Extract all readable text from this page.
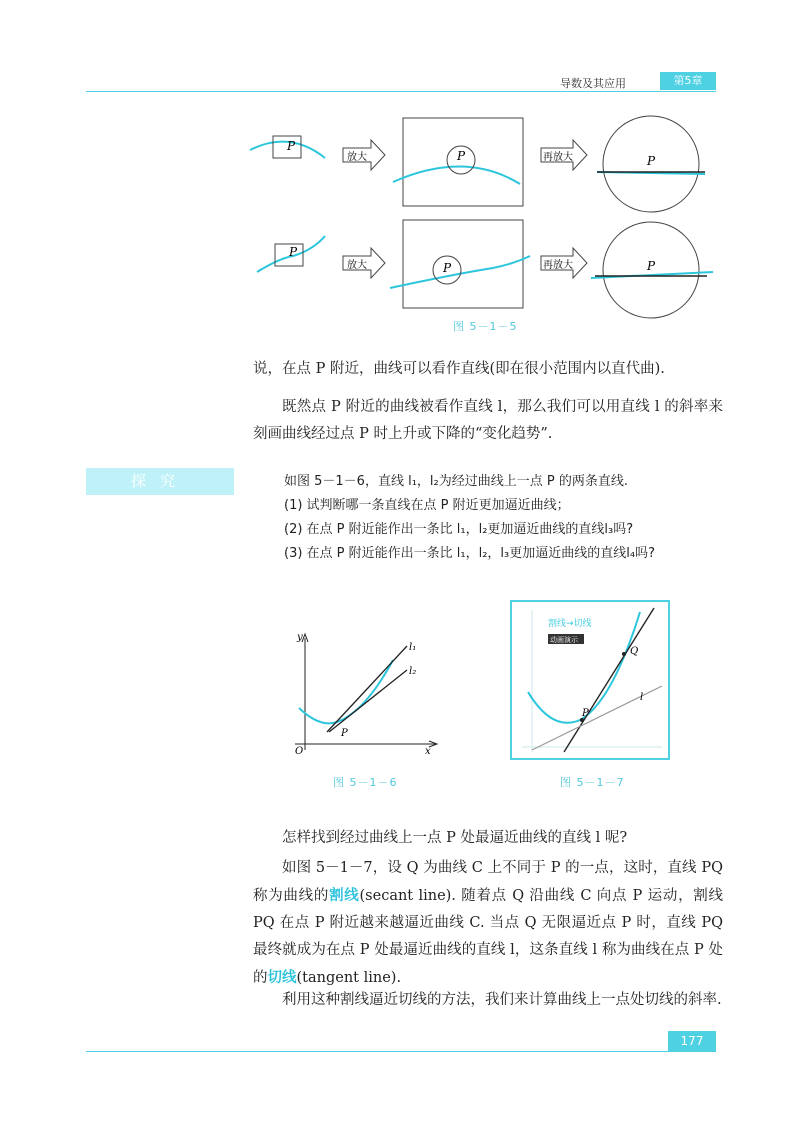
导数及其应用	第5章
P
放大	P	再放大	P
P
放大	P	再放大	P
图 5－1－5

说，在点 P 附近，曲线可以看作直线(即在很小范围内以直代曲).

既然点 P 附近的曲线被看作直线 l，那么我们可以用直线 l 的斜率来刻画曲线经过点 P 时上升或下降的“变化趋势”.

探究	如图 5－1－6，直线 l₁，l₂为经过曲线上一点 P 的两条直线.

(1) 试判断哪一条直线在点 P 附近更加逼近曲线；

(2) 在点 P 附近能作出一条比 l₁，l₂更加逼近曲线的直线l₃吗?

(3) 在点 P 附近能作出一条比 l₁，l₂，l₃更加逼近曲线的直线l₄吗?

y
x
O
l₁
l₂
P
图 5－1－6
割线→切线
动画演示
P
Q
l
图 5－1－7

怎样找到经过曲线上一点 P 处最逼近曲线的直线 l 呢?

如图 5－1－7，设 Q 为曲线 C 上不同于 P 的一点，这时，直线 PQ 称为曲线的割线(secant line). 随着点 Q 沿曲线 C 向点 P 运动，割线 PQ 在点 P 附近越来越逼近曲线 C. 当点 Q 无限逼近点 P 时，直线 PQ 最终就成为在点 P 处最逼近曲线的直线 l，这条直线 l 称为曲线在点 P 处的切线(tangent line).

利用这种割线逼近切线的方法，我们来计算曲线上一点处切线的斜率.

177
